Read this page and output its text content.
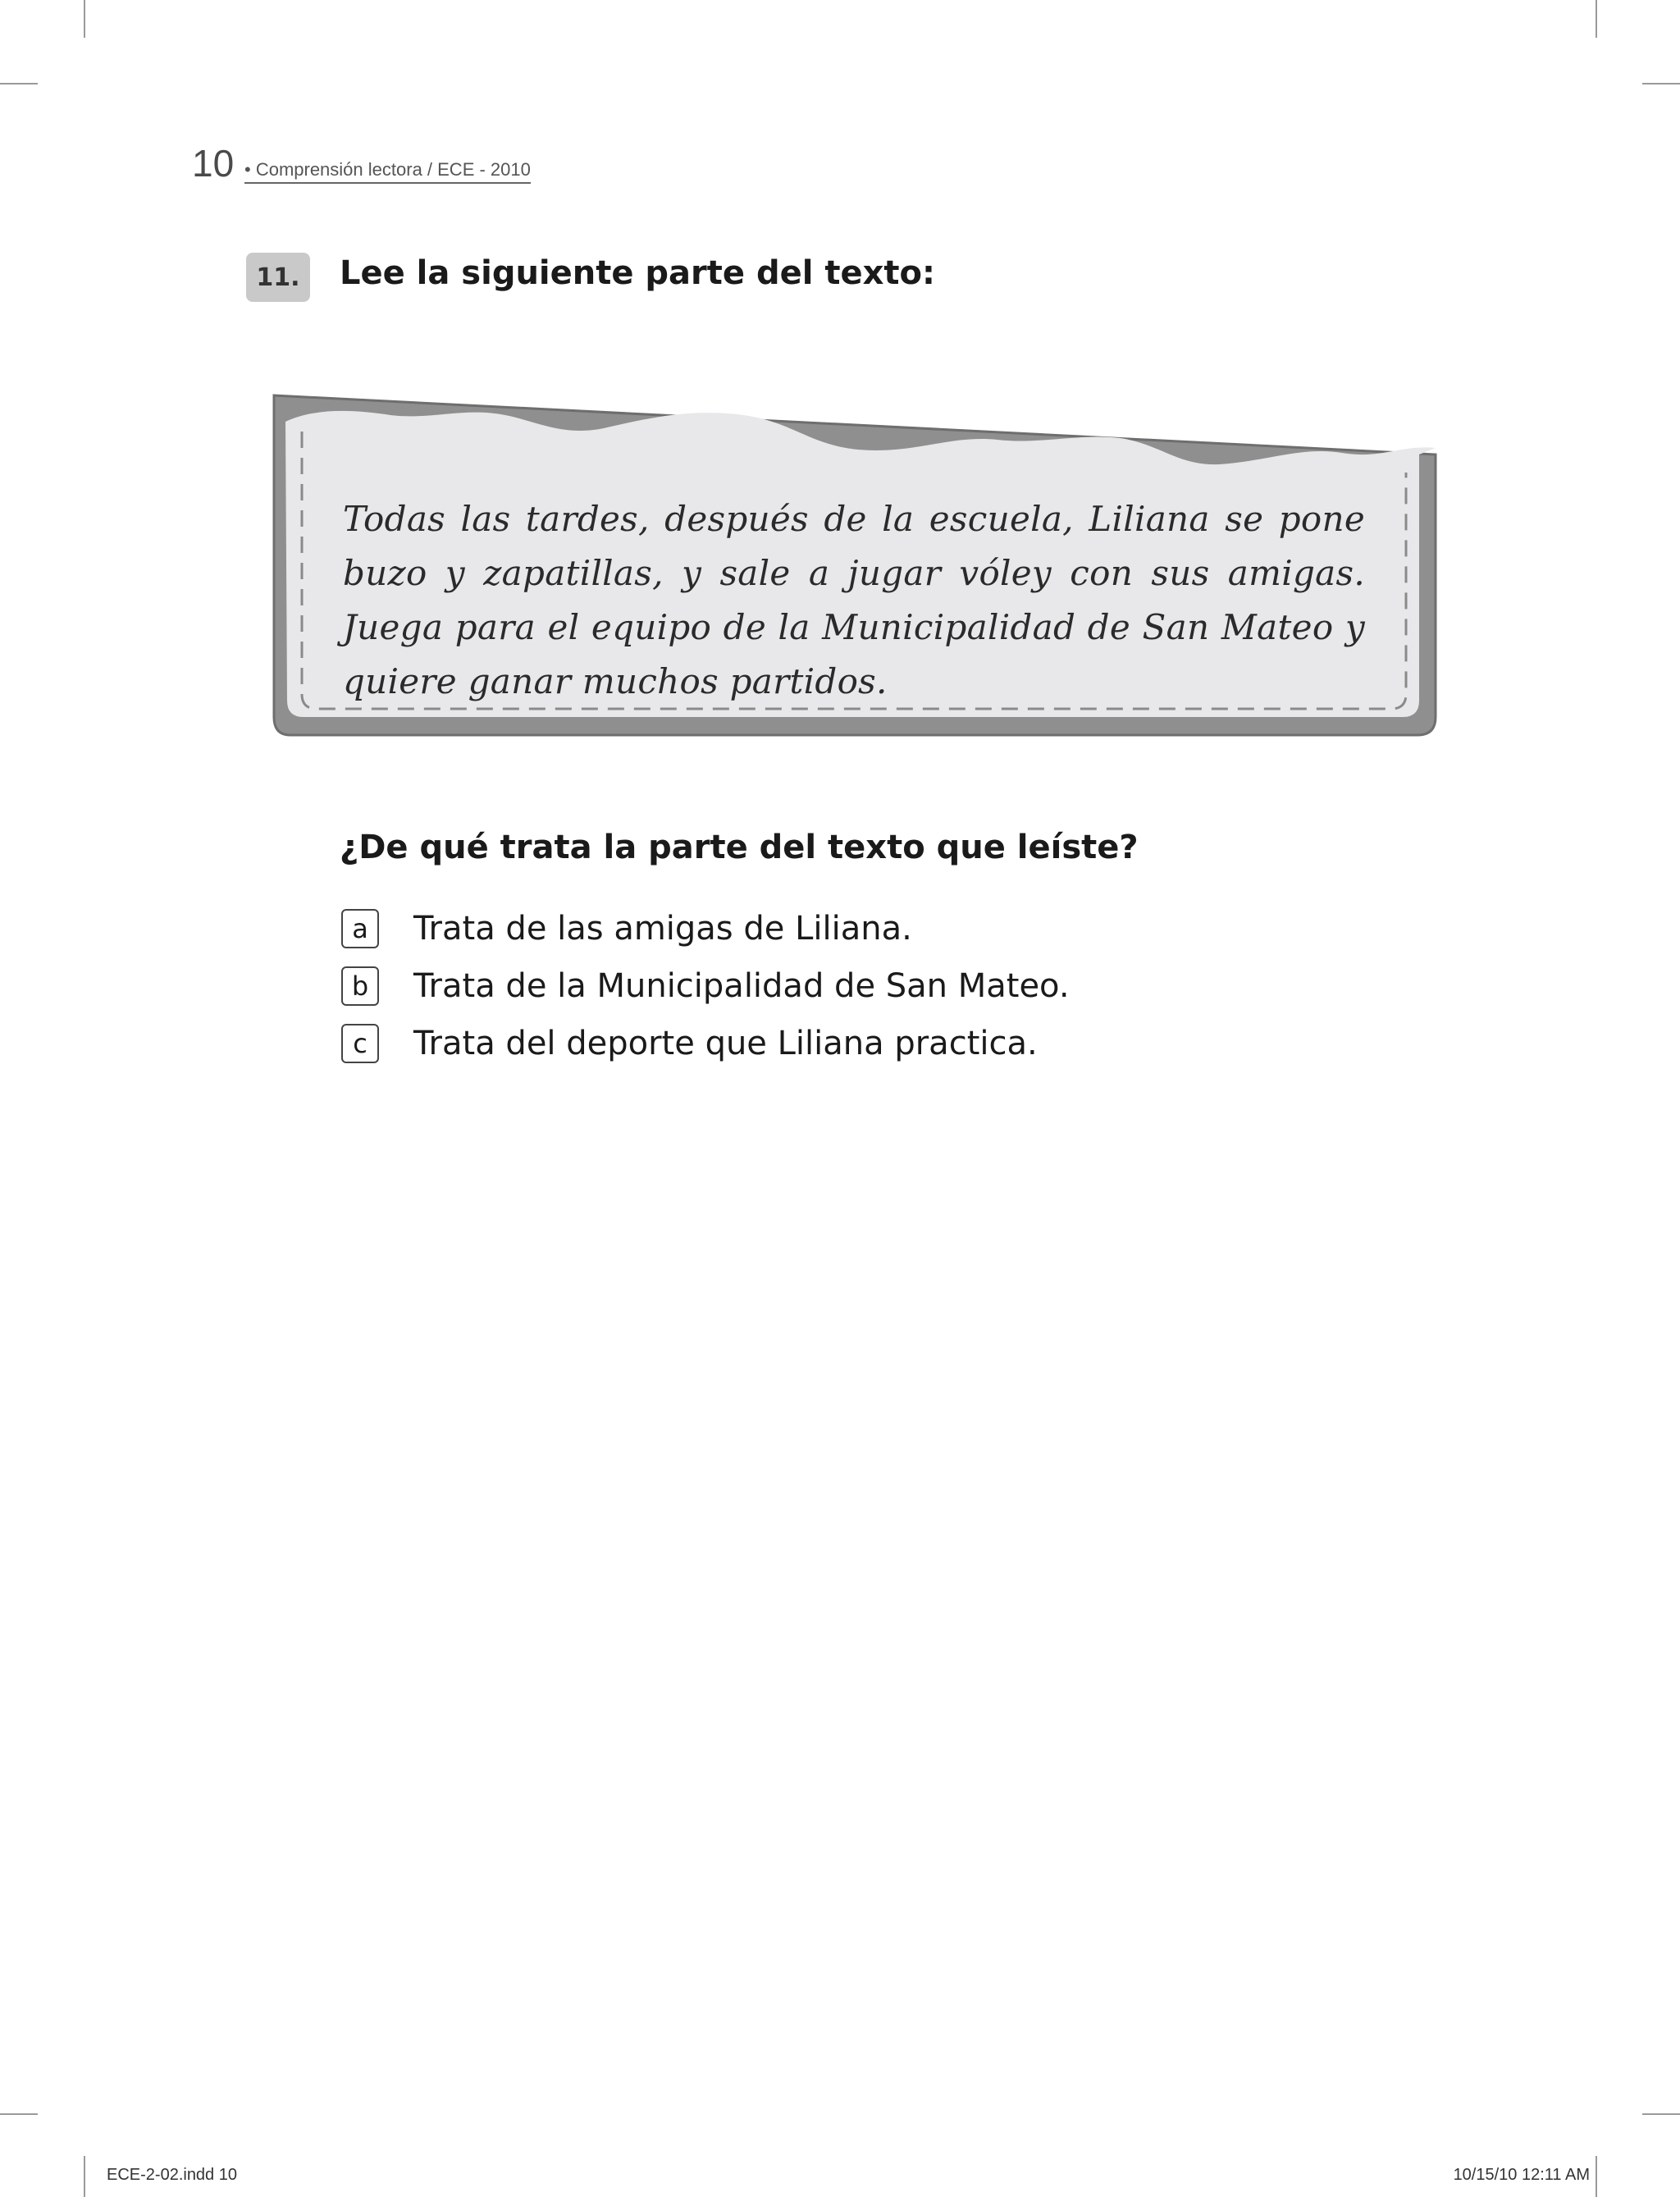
10 • Comprensión lectora / ECE - 2010
11.	Lee la siguiente parte del texto:
Todas las tardes, después de la escuela, Liliana se pone buzo y zapatillas, y sale a jugar vóley con sus amigas. Juega para el equipo de la Municipalidad de San Mateo y quiere ganar muchos partidos.
¿De qué trata la parte del texto que leíste?
a	Trata de las amigas de Liliana.
b	Trata de la Municipalidad de San Mateo.
c	Trata del deporte que Liliana practica.
ECE-2-02.indd 10	10/15/10 12:11 AM
